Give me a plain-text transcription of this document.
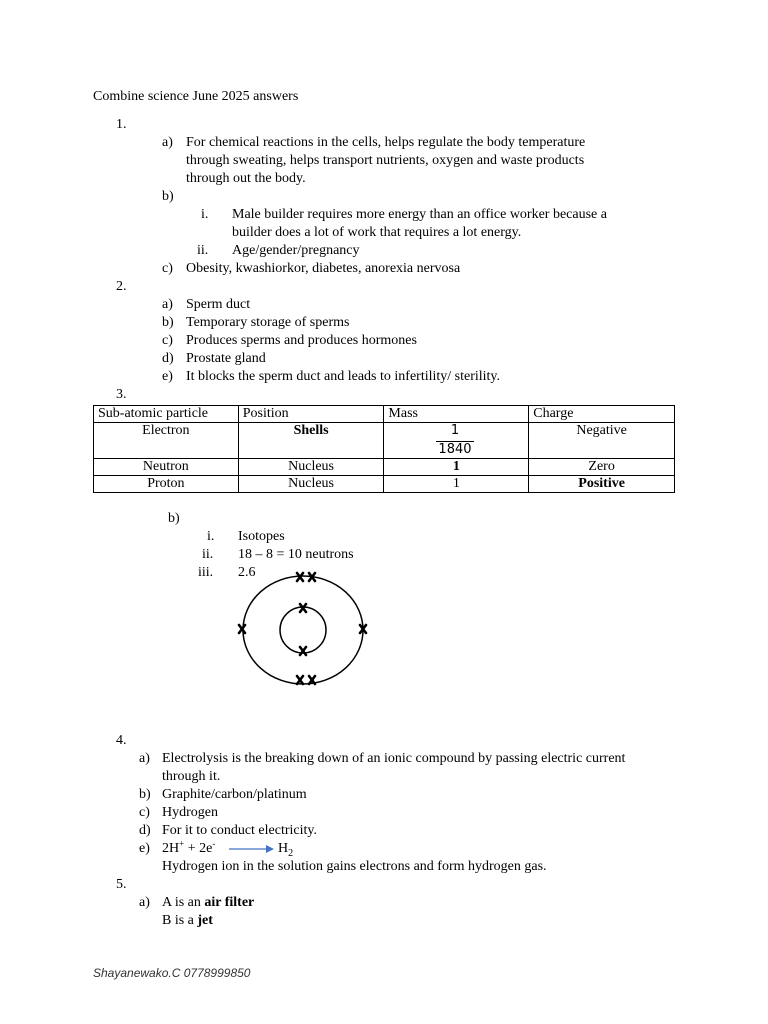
Combine science June 2025 answers
1.
a) For chemical reactions in the cells, helps regulate the body temperature
through sweating, helps transport nutrients, oxygen and waste products
through out the body.
b)
i. Male builder requires more energy than an office worker because a
builder does a lot of work that requires a lot energy.
ii. Age/gender/pregnancy
c) Obesity, kwashiorkor, diabetes, anorexia nervosa
2.
a) Sperm duct
b) Temporary storage of sperms
c) Produces sperms and produces hormones
d) Prostate gland
e) It blocks the sperm duct and leads to infertility/ sterility.
3.
Sub-atomic particle	Position	Mass	Charge
Electron	Shells	$\frac{1}{1840}$	Negative
Neutron	Nucleus	1	Zero
Proton	Nucleus	1	Positive
b)
i. Isotopes
ii. 18 – 8 = 10 neutrons
iii. 2.6
4.
a) Electrolysis is the breaking down of an ionic compound by passing electric current
through it.
b) Graphite/carbon/platinum
c) Hydrogen
d) For it to conduct electricity.
e) $2H^+ + 2e^- \to H_2$
Hydrogen ion in the solution gains electrons and form hydrogen gas.
5.
a) A is an air filter
B is a jet
Shayanewako.C 0778999850
